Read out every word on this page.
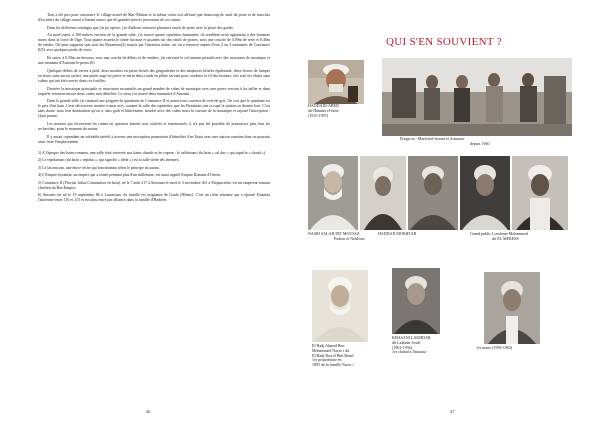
Tout a été pris pour construire le village actuel de Mac-Mahon et la même colon m'a affirmé que beaucoup de seuil de porte et de marches d'escaliers du village actuel n'étaient autres que de grandes pierres provenant de ces ruines.

Dans les différents sondages que j'ai pu opérer, j'ai d'ailleurs retrouvé plusieurs seuils de porte avec la place des gonds.

Au nord-ouest, à 100 mètres environ de la grande salle, j'ai trouvé quatre squelettes humaines; ils semblent avoir appartenu à des hommes morts dans la force de l'âge. Tous quatre avaient le crâne fracassé et gisaient sur des seuils de portes, sous une couche de 0,90m de terre et 0,40m de cendre. On peut supposer que sous les Byzantins(4) surpris par l'invasion arabe, car on a retrouvé auprès d'eux 2 ou 3 monnaies de Constance II(5) avec quelques pieds de verre.

En outre, à 0,50m au-dessous, sous une couche de débris et de cendres, j'ai retrouvé le sol romain primitif avec des morceaux de mosaïque et une monnaie d'Antonin-le-pieux.(6)

Quelques débris de verres à pied, deux moulins en pierre brisés des gargoulettes et des amphores brisées également, deux dosses de lampes en terres sans aucun cachet, une petite auge en pierre et enfin deux ronds en plâtre servant pour conduire le fil des fuseaux, tels sont les objets sans valeur qui ont été trouvés dans ces fouilles.

Derrière la mosaïque principale se trouvaient accumulés un grand nombre de cubes de mosaïque avec une pierre servant à les tailler et dans laquelle venaient encore deux cubes non détachés. Le sieur j'ai trouvé deux monnaies d'Antonin.

Dans la grande salle j'ai ramassé une poignée de quadrants de Constance II et autres tous couverts de vert-de-gris. On voit que le quadrant est le prix d'un bain. Cette découverte montre à mon avis, comme la salle des squelettes que les Byzantins ont occupé la station au dernier lieu. C'est sans doute, sous leur domination qu'on a, sans goût et hâtivement, bouché avec des cubes noirs la cassure de la mosaïque et rajouté l'inscription : Quot potant.

Les terrains qui recouvrent les ruines en question étaient tous cultivés et ensemencés, il n'a pas été possible de poursuivre plus loin les recherches, pour le moment du moins.

Il y aurait cependant un véritable intérêt à trouver une inscription permettant d'identifier Ain-Touta avec une station romaine dont on pourrait ainsi fixer l'emplacement.

1) A l'époque des bains romains, une salle était réservée aux bains chauds et de vapeur : le caldarium (du latin « cal dus » qui signifie « chaud »).

2) Le tepidarium (du latin « tepidus », qui signifie « tiède ») est la salle tiède des thermes,

3) Le laconicum, une étuve sèche qui fonctionnait selon le principe du sauna.

4) L'Empire byzantin, un empire qui a existé pendant plus d'un millénaire, est aussi appelé Empire Romain d'Orient.

5) Constance II (Flavius Julius Constantius en latin), né le 7 août 317 à Sirmium et mort le 3 novembre 361 à Mopsucrène, est un empereur romain chrétien du Bas-Empire.

6) Antonin est né le 19 septembre 86 à Lanuvium. Sa famille est originaire de Gaule (Nîmes). C'est un riche sénateur qui a épousé Faustina l'ancienne entre 110 et 115 et est ainsi entré par alliance dans la famille d'Hadrien.

46
QUI S'EN SOUVIENT ?
HADDADI-ABED
dit Hamma el-farhi
(1915-1997)
Forgeron - Maréchal-ferrant et Armurier
depuis 1940
NASRI SALAH DIT MOUSSA
Pudeur et Noblesse
HADDAD MOKHTAR	Grand public Louchene Mohammed
dit EL MEKESS
El Hadj Ahmed Ben
Mohammed Nacer i dit
El Hadj Bou el Ben Rami-
1er propriétaire en
1895 de la famille Nacer i
KHASANI LAKHDAR
dit Lakhdar Soufi
(1901-1956)
1er chahid à Aintouta
1er maire (1959-1962)
47
